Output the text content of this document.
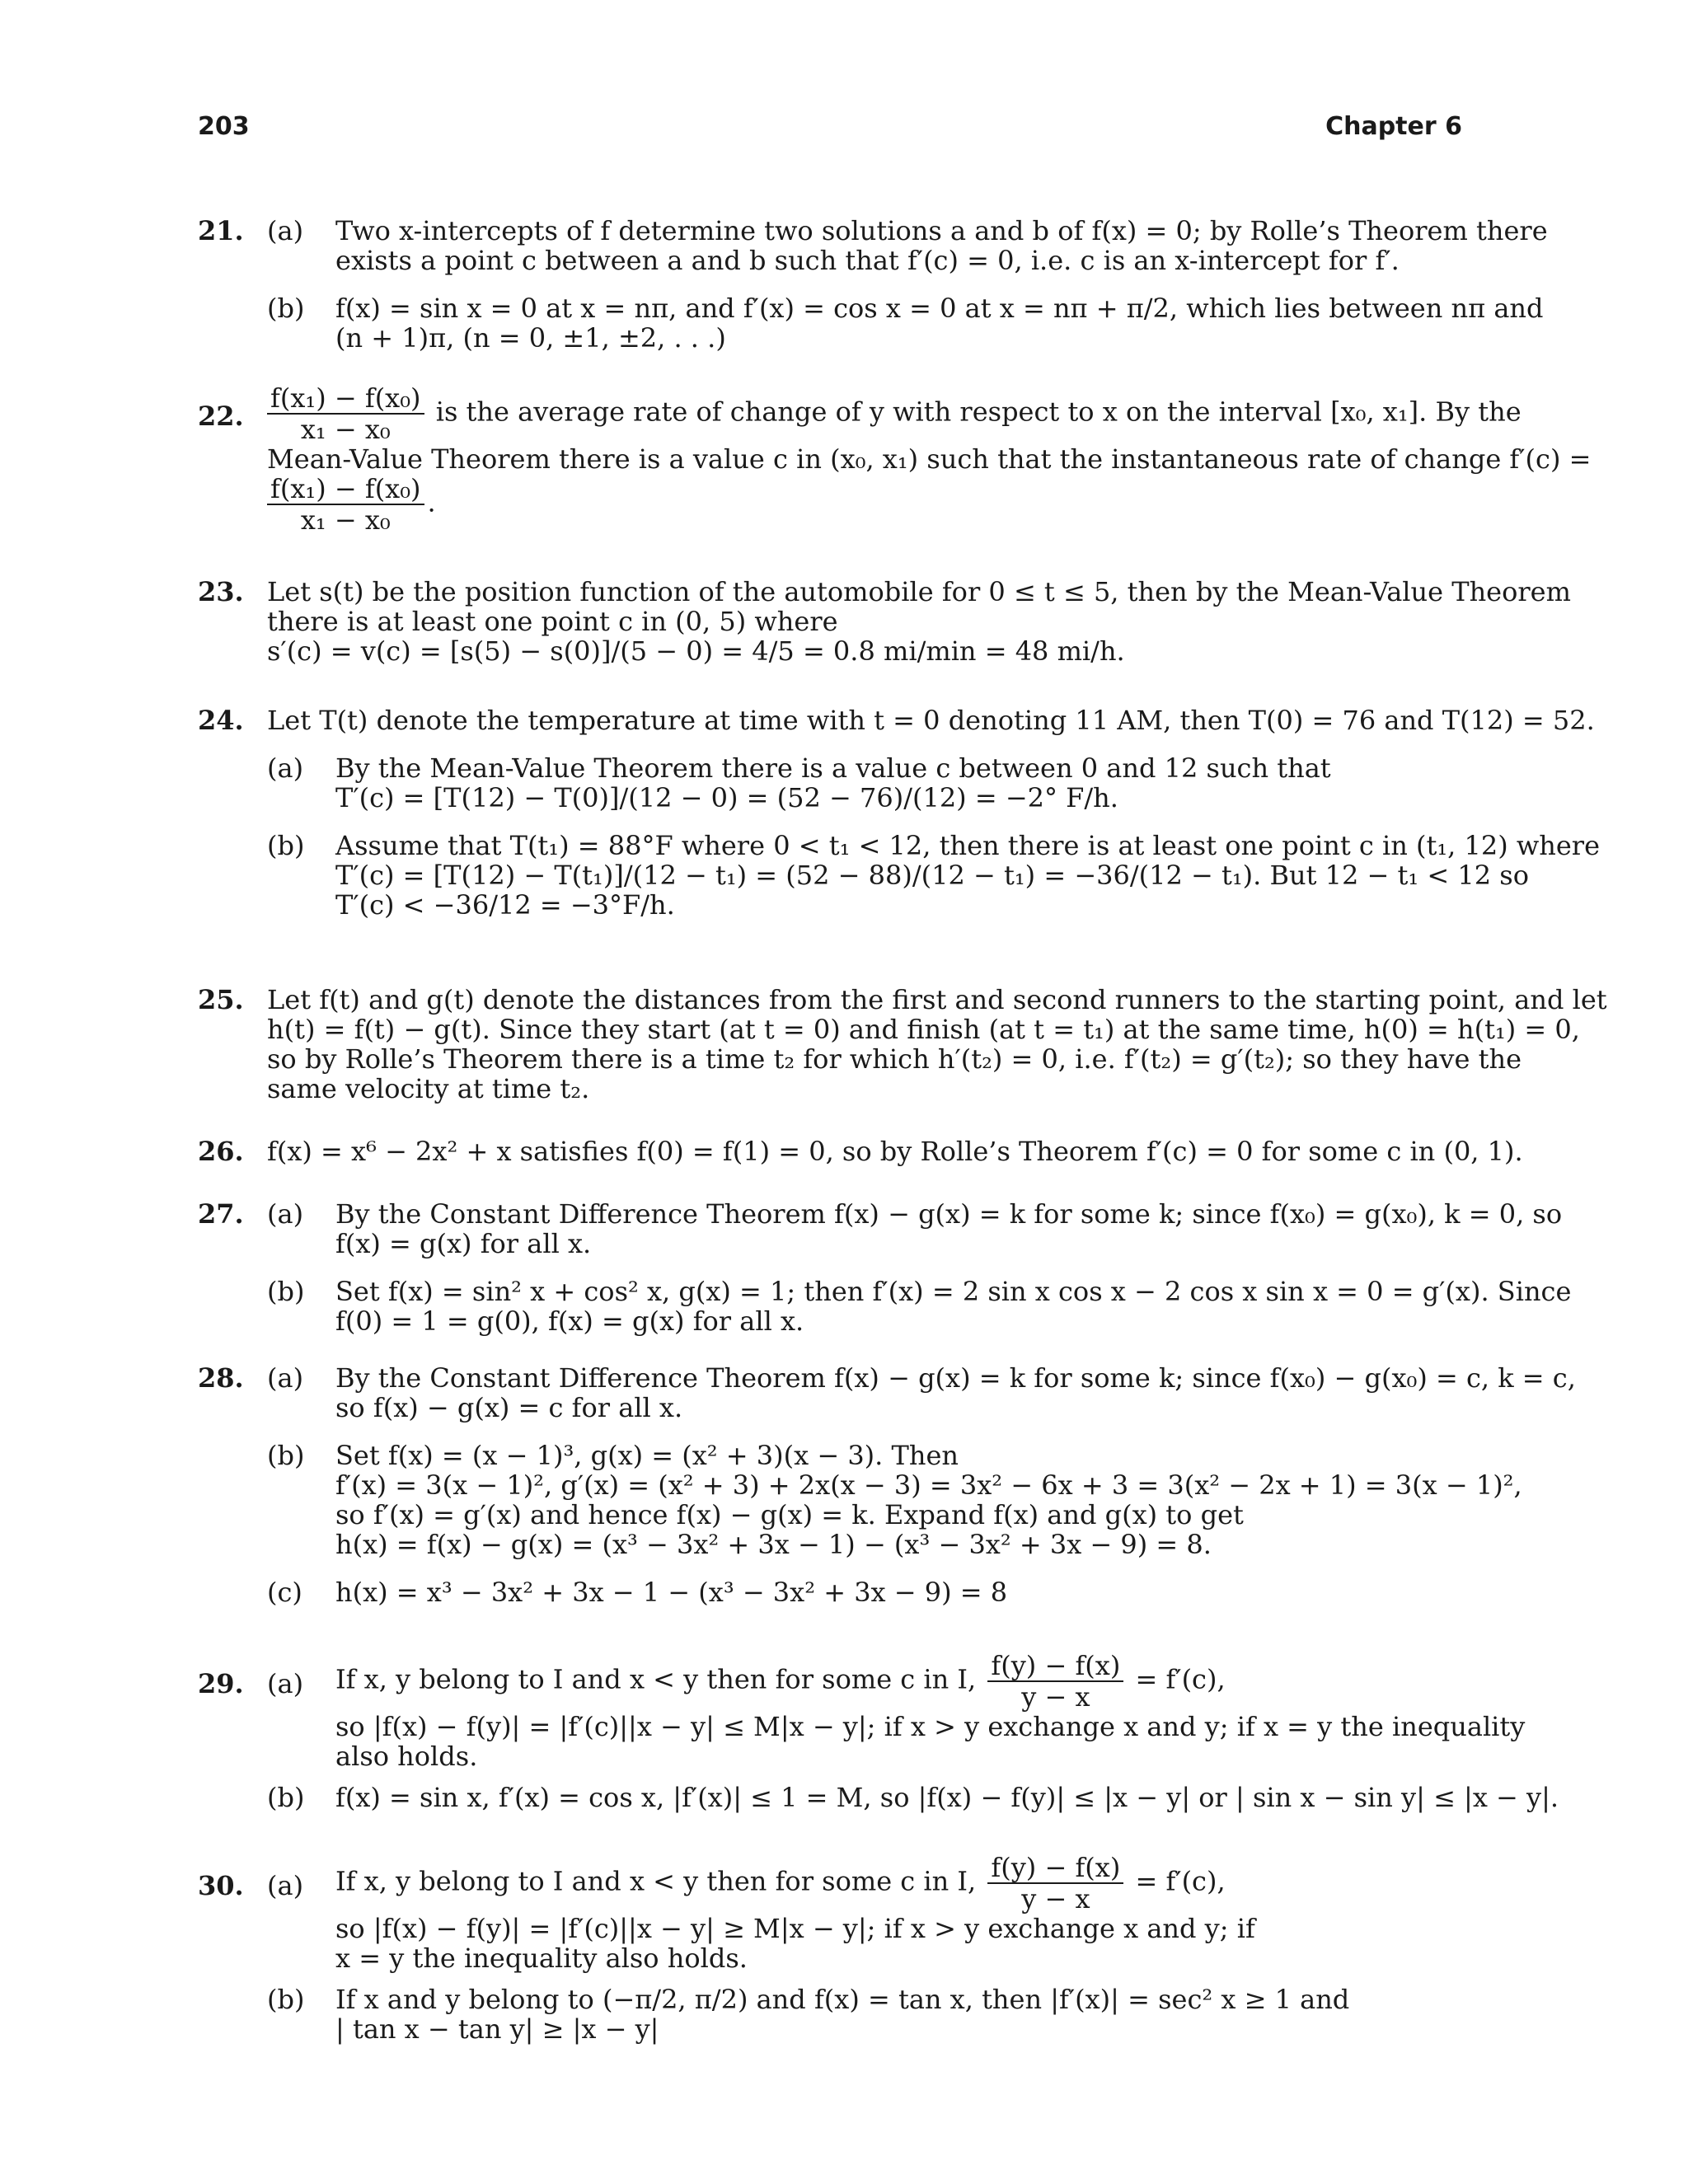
203	Chapter 6
21. (a) Two x-intercepts of f determine two solutions a and b of f(x) = 0; by Rolle’s Theorem there
exists a point c between a and b such that f′(c) = 0, i.e. c is an x-intercept for f′.
(b) f(x) = sin x = 0 at x = nπ, and f′(x) = cos x = 0 at x = nπ + π/2, which lies between nπ and
(n + 1)π, (n = 0, ±1, ±2, . . .)
22. $\frac{\text{f(x₁) − f(x₀)}}{\text{x₁ − x₀}}$ is the average rate of change of y with respect to x on the interval [x₀, x₁]. By the
Mean-Value Theorem there is a value c in (x₀, x₁) such that the instantaneous rate of change f′(c) =
$\frac{\text{f(x₁) − f(x₀)}}{\text{x₁ − x₀}}$ .
23. Let s(t) be the position function of the automobile for 0 ≤ t ≤ 5, then by the Mean-Value Theorem
there is at least one point c in (0, 5) where
s′(c) = v(c) = [s(5) − s(0)]/(5 − 0) = 4/5 = 0.8 mi/min = 48 mi/h.
24. Let T(t) denote the temperature at time with t = 0 denoting 11 AM, then T(0) = 76 and T(12) = 52.
(a) By the Mean-Value Theorem there is a value c between 0 and 12 such that
T′(c) = [T(12) − T(0)]/(12 − 0) = (52 − 76)/(12) = −2° F/h.
(b) Assume that T(t₁) = 88°F where 0 < t₁ < 12, then there is at least one point c in (t₁, 12) where
T′(c) = [T(12) − T(t₁)]/(12 − t₁) = (52 − 88)/(12 − t₁) = −36/(12 − t₁). But 12 − t₁ < 12 so
T′(c) < −36/12 = −3°F/h.
25. Let f(t) and g(t) denote the distances from the first and second runners to the starting point, and let
h(t) = f(t) − g(t). Since they start (at t = 0) and finish (at t = t₁) at the same time, h(0) = h(t₁) = 0,
so by Rolle’s Theorem there is a time t₂ for which h′(t₂) = 0, i.e. f′(t₂) = g′(t₂); so they have the
same velocity at time t₂.
26. f(x) = x⁶ − 2x² + x satisfies f(0) = f(1) = 0, so by Rolle’s Theorem f′(c) = 0 for some c in (0, 1).
27. (a) By the Constant Difference Theorem f(x) − g(x) = k for some k; since f(x₀) = g(x₀), k = 0, so
f(x) = g(x) for all x.
(b) Set f(x) = sin² x + cos² x, g(x) = 1; then f′(x) = 2 sin x cos x − 2 cos x sin x = 0 = g′(x). Since
f(0) = 1 = g(0), f(x) = g(x) for all x.
28. (a) By the Constant Difference Theorem f(x) − g(x) = k for some k; since f(x₀) − g(x₀) = c, k = c,
so f(x) − g(x) = c for all x.
(b) Set f(x) = (x − 1)³, g(x) = (x² + 3)(x − 3). Then
f′(x) = 3(x − 1)², g′(x) = (x² + 3) + 2x(x − 3) = 3x² − 6x + 3 = 3(x² − 2x + 1) = 3(x − 1)²,
so f′(x) = g′(x) and hence f(x) − g(x) = k. Expand f(x) and g(x) to get
h(x) = f(x) − g(x) = (x³ − 3x² + 3x − 1) − (x³ − 3x² + 3x − 9) = 8.
(c) h(x) = x³ − 3x² + 3x − 1 − (x³ − 3x² + 3x − 9) = 8
29. (a) If x, y belong to I and x < y then for some c in I, $\frac{f(y) - f(x)}{y - x} = f'(c)$,
so |f(x) − f(y)| = |f′(c)||x − y| ≤ M|x − y|; if x > y exchange x and y; if x = y the inequality
also holds.
(b) f(x) = sin x, f′(x) = cos x, |f′(x)| ≤ 1 = M, so |f(x) − f(y)| ≤ |x − y| or | sin x − sin y| ≤ |x − y|.
30. (a) If x, y belong to I and x < y then for some c in I, $\frac{f(y) - f(x)}{y - x} = f'(c)$,
so |f(x) − f(y)| = |f′(c)||x − y| ≥ M|x − y|; if x > y exchange x and y; if
x = y the inequality also holds.
(b) If x and y belong to (−π/2, π/2) and f(x) = tan x, then |f′(x)| = sec² x ≥ 1 and
| tan x − tan y| ≥ |x − y|
